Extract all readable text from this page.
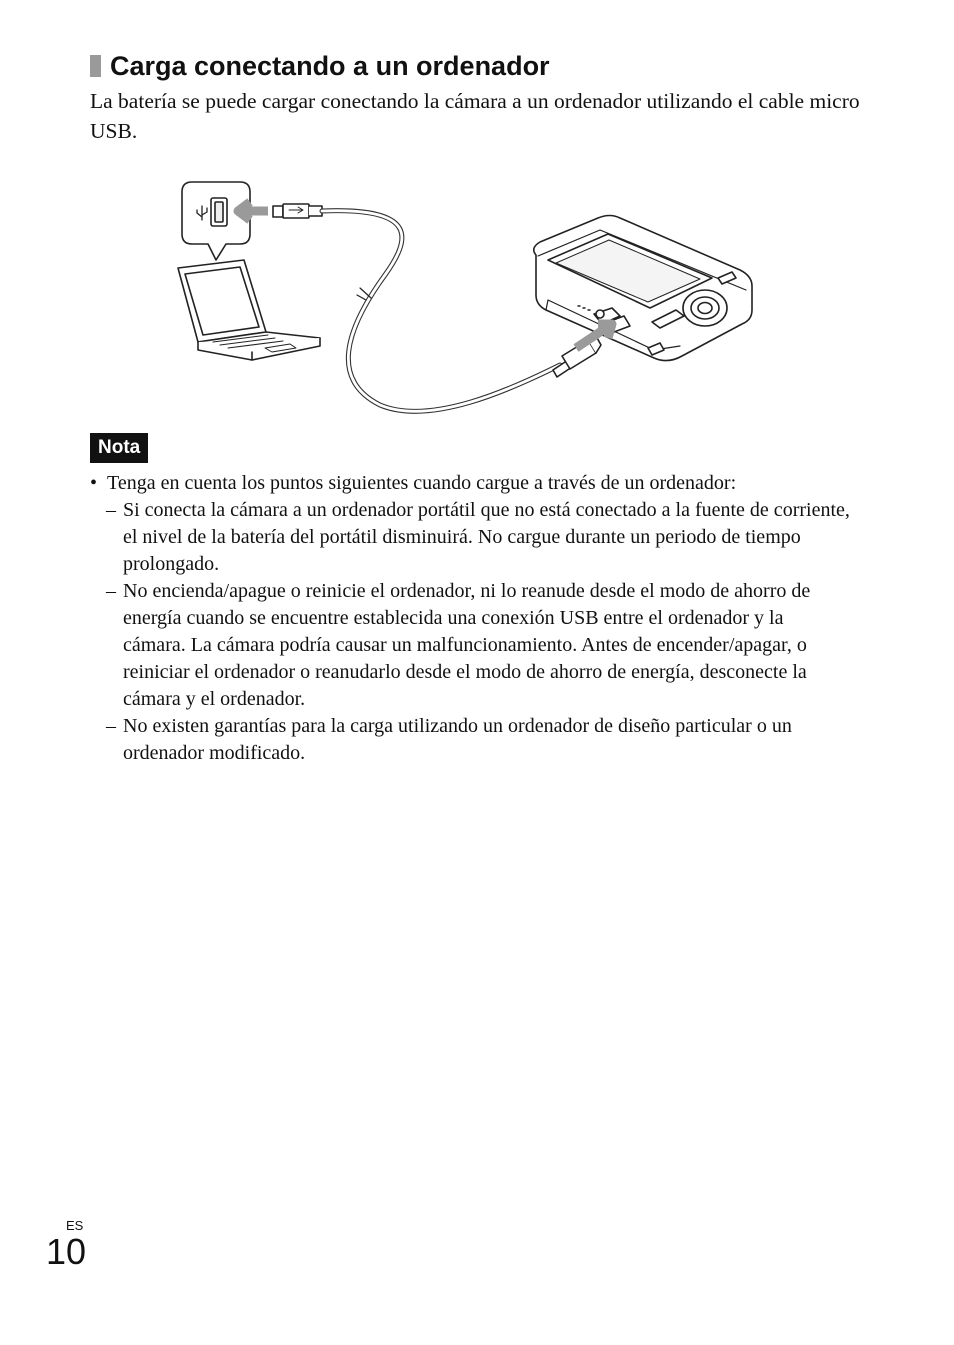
Carga conectando a un ordenador

La batería se puede cargar conectando la cámara a un ordenador utilizando el cable micro USB.

Nota
• Tenga en cuenta los puntos siguientes cuando cargue a través de un ordenador:
– Si conecta la cámara a un ordenador portátil que no está conectado a la fuente de corriente, el nivel de la batería del portátil disminuirá. No cargue durante un periodo de tiempo prolongado.
– No encienda/apague o reinicie el ordenador, ni lo reanude desde el modo de ahorro de energía cuando se encuentre establecida una conexión USB entre el ordenador y la cámara. La cámara podría causar un malfuncionamiento. Antes de encender/apagar, o reiniciar el ordenador o reanudarlo desde el modo de ahorro de energía, desconecte la cámara y el ordenador.
– No existen garantías para la carga utilizando un ordenador de diseño particular o un ordenador modificado.
ES
10
